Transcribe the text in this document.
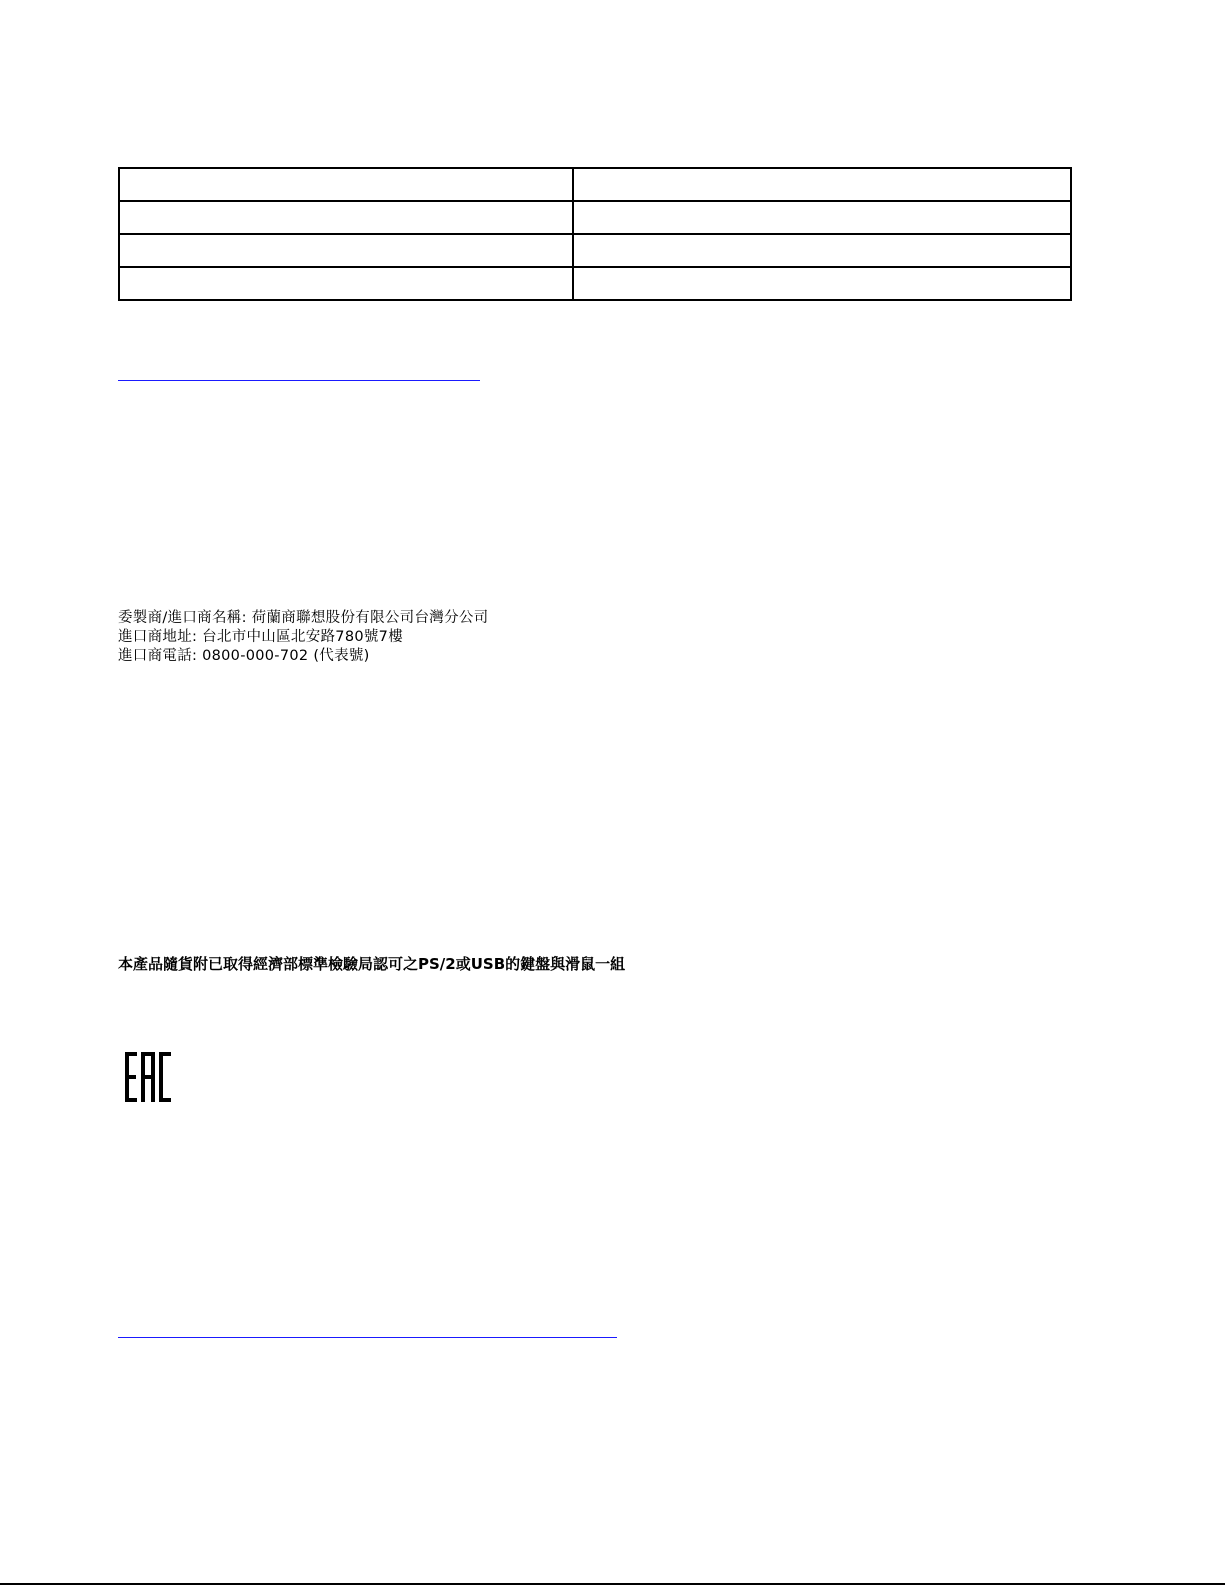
委製商/進口商名稱: 荷蘭商聯想股份有限公司台灣分公司
進口商地址: 台北市中山區北安路780號7樓
進口商電話: 0800-000-702 (代表號)
本產品隨貨附已取得經濟部標準檢驗局認可之PS/2或USB的鍵盤與滑鼠一組
